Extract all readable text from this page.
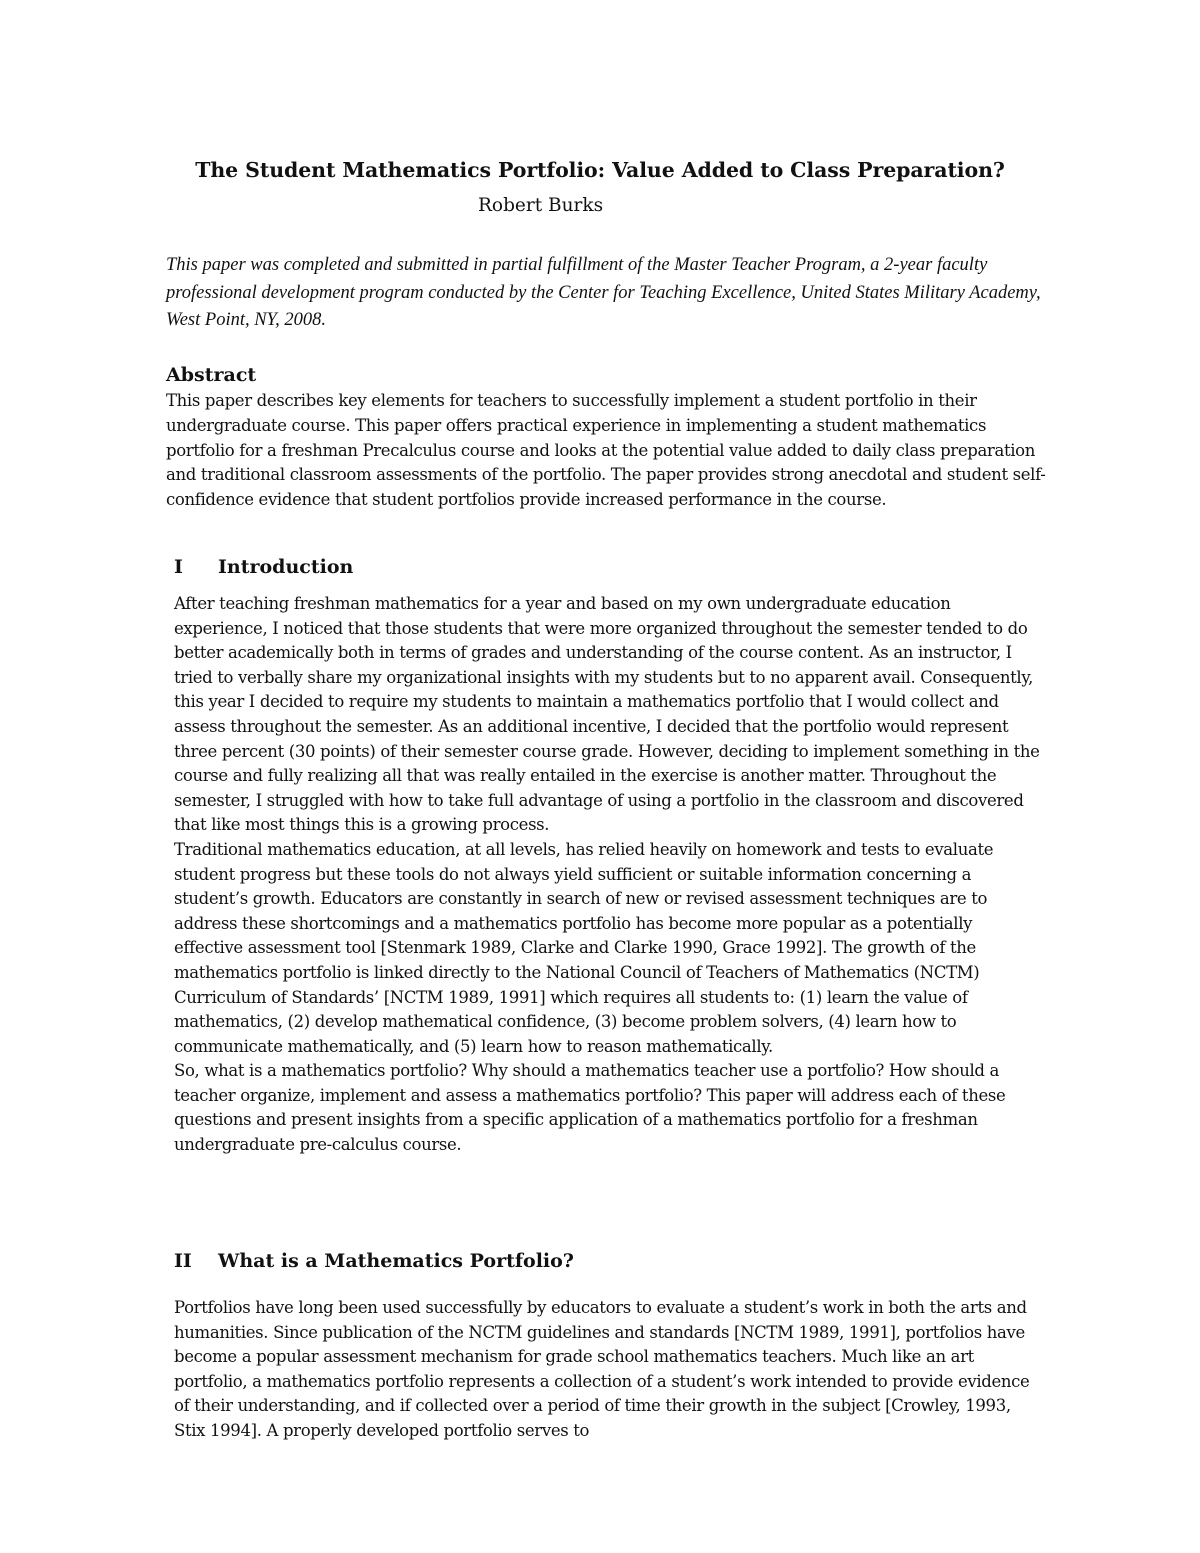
The Student Mathematics Portfolio: Value Added to Class Preparation?
Robert Burks
This paper was completed and submitted in partial fulfillment of the Master Teacher Program, a 2-year faculty professional development program conducted by the Center for Teaching Excellence, United States Military Academy, West Point, NY, 2008.
Abstract
This paper describes key elements for teachers to successfully implement a student portfolio in their undergraduate course. This paper offers practical experience in implementing a student mathematics portfolio for a freshman Precalculus course and looks at the potential value added to daily class preparation and traditional classroom assessments of the portfolio. The paper provides strong anecdotal and student self-confidence evidence that student portfolios provide increased performance in the course.
I Introduction

After teaching freshman mathematics for a year and based on my own undergraduate education experience, I noticed that those students that were more organized throughout the semester tended to do better academically both in terms of grades and understanding of the course content. As an instructor, I tried to verbally share my organizational insights with my students but to no apparent avail. Consequently, this year I decided to require my students to maintain a mathematics portfolio that I would collect and assess throughout the semester. As an additional incentive, I decided that the portfolio would represent three percent (30 points) of their semester course grade. However, deciding to implement something in the course and fully realizing all that was really entailed in the exercise is another matter. Throughout the semester, I struggled with how to take full advantage of using a portfolio in the classroom and discovered that like most things this is a growing process.

Traditional mathematics education, at all levels, has relied heavily on homework and tests to evaluate student progress but these tools do not always yield sufficient or suitable information concerning a student’s growth. Educators are constantly in search of new or revised assessment techniques are to address these shortcomings and a mathematics portfolio has become more popular as a potentially effective assessment tool [Stenmark 1989, Clarke and Clarke 1990, Grace 1992]. The growth of the mathematics portfolio is linked directly to the National Council of Teachers of Mathematics (NCTM) Curriculum of Standards’ [NCTM 1989, 1991] which requires all students to: (1) learn the value of mathematics, (2) develop mathematical confidence, (3) become problem solvers, (4) learn how to communicate mathematically, and (5) learn how to reason mathematically.

So, what is a mathematics portfolio? Why should a mathematics teacher use a portfolio? How should a teacher organize, implement and assess a mathematics portfolio? This paper will address each of these questions and present insights from a specific application of a mathematics portfolio for a freshman undergraduate pre-calculus course.

II What is a Mathematics Portfolio?

Portfolios have long been used successfully by educators to evaluate a student’s work in both the arts and humanities. Since publication of the NCTM guidelines and standards [NCTM 1989, 1991], portfolios have become a popular assessment mechanism for grade school mathematics teachers. Much like an art portfolio, a mathematics portfolio represents a collection of a student’s work intended to provide evidence of their understanding, and if collected over a period of time their growth in the subject [Crowley, 1993, Stix 1994]. A properly developed portfolio serves to
